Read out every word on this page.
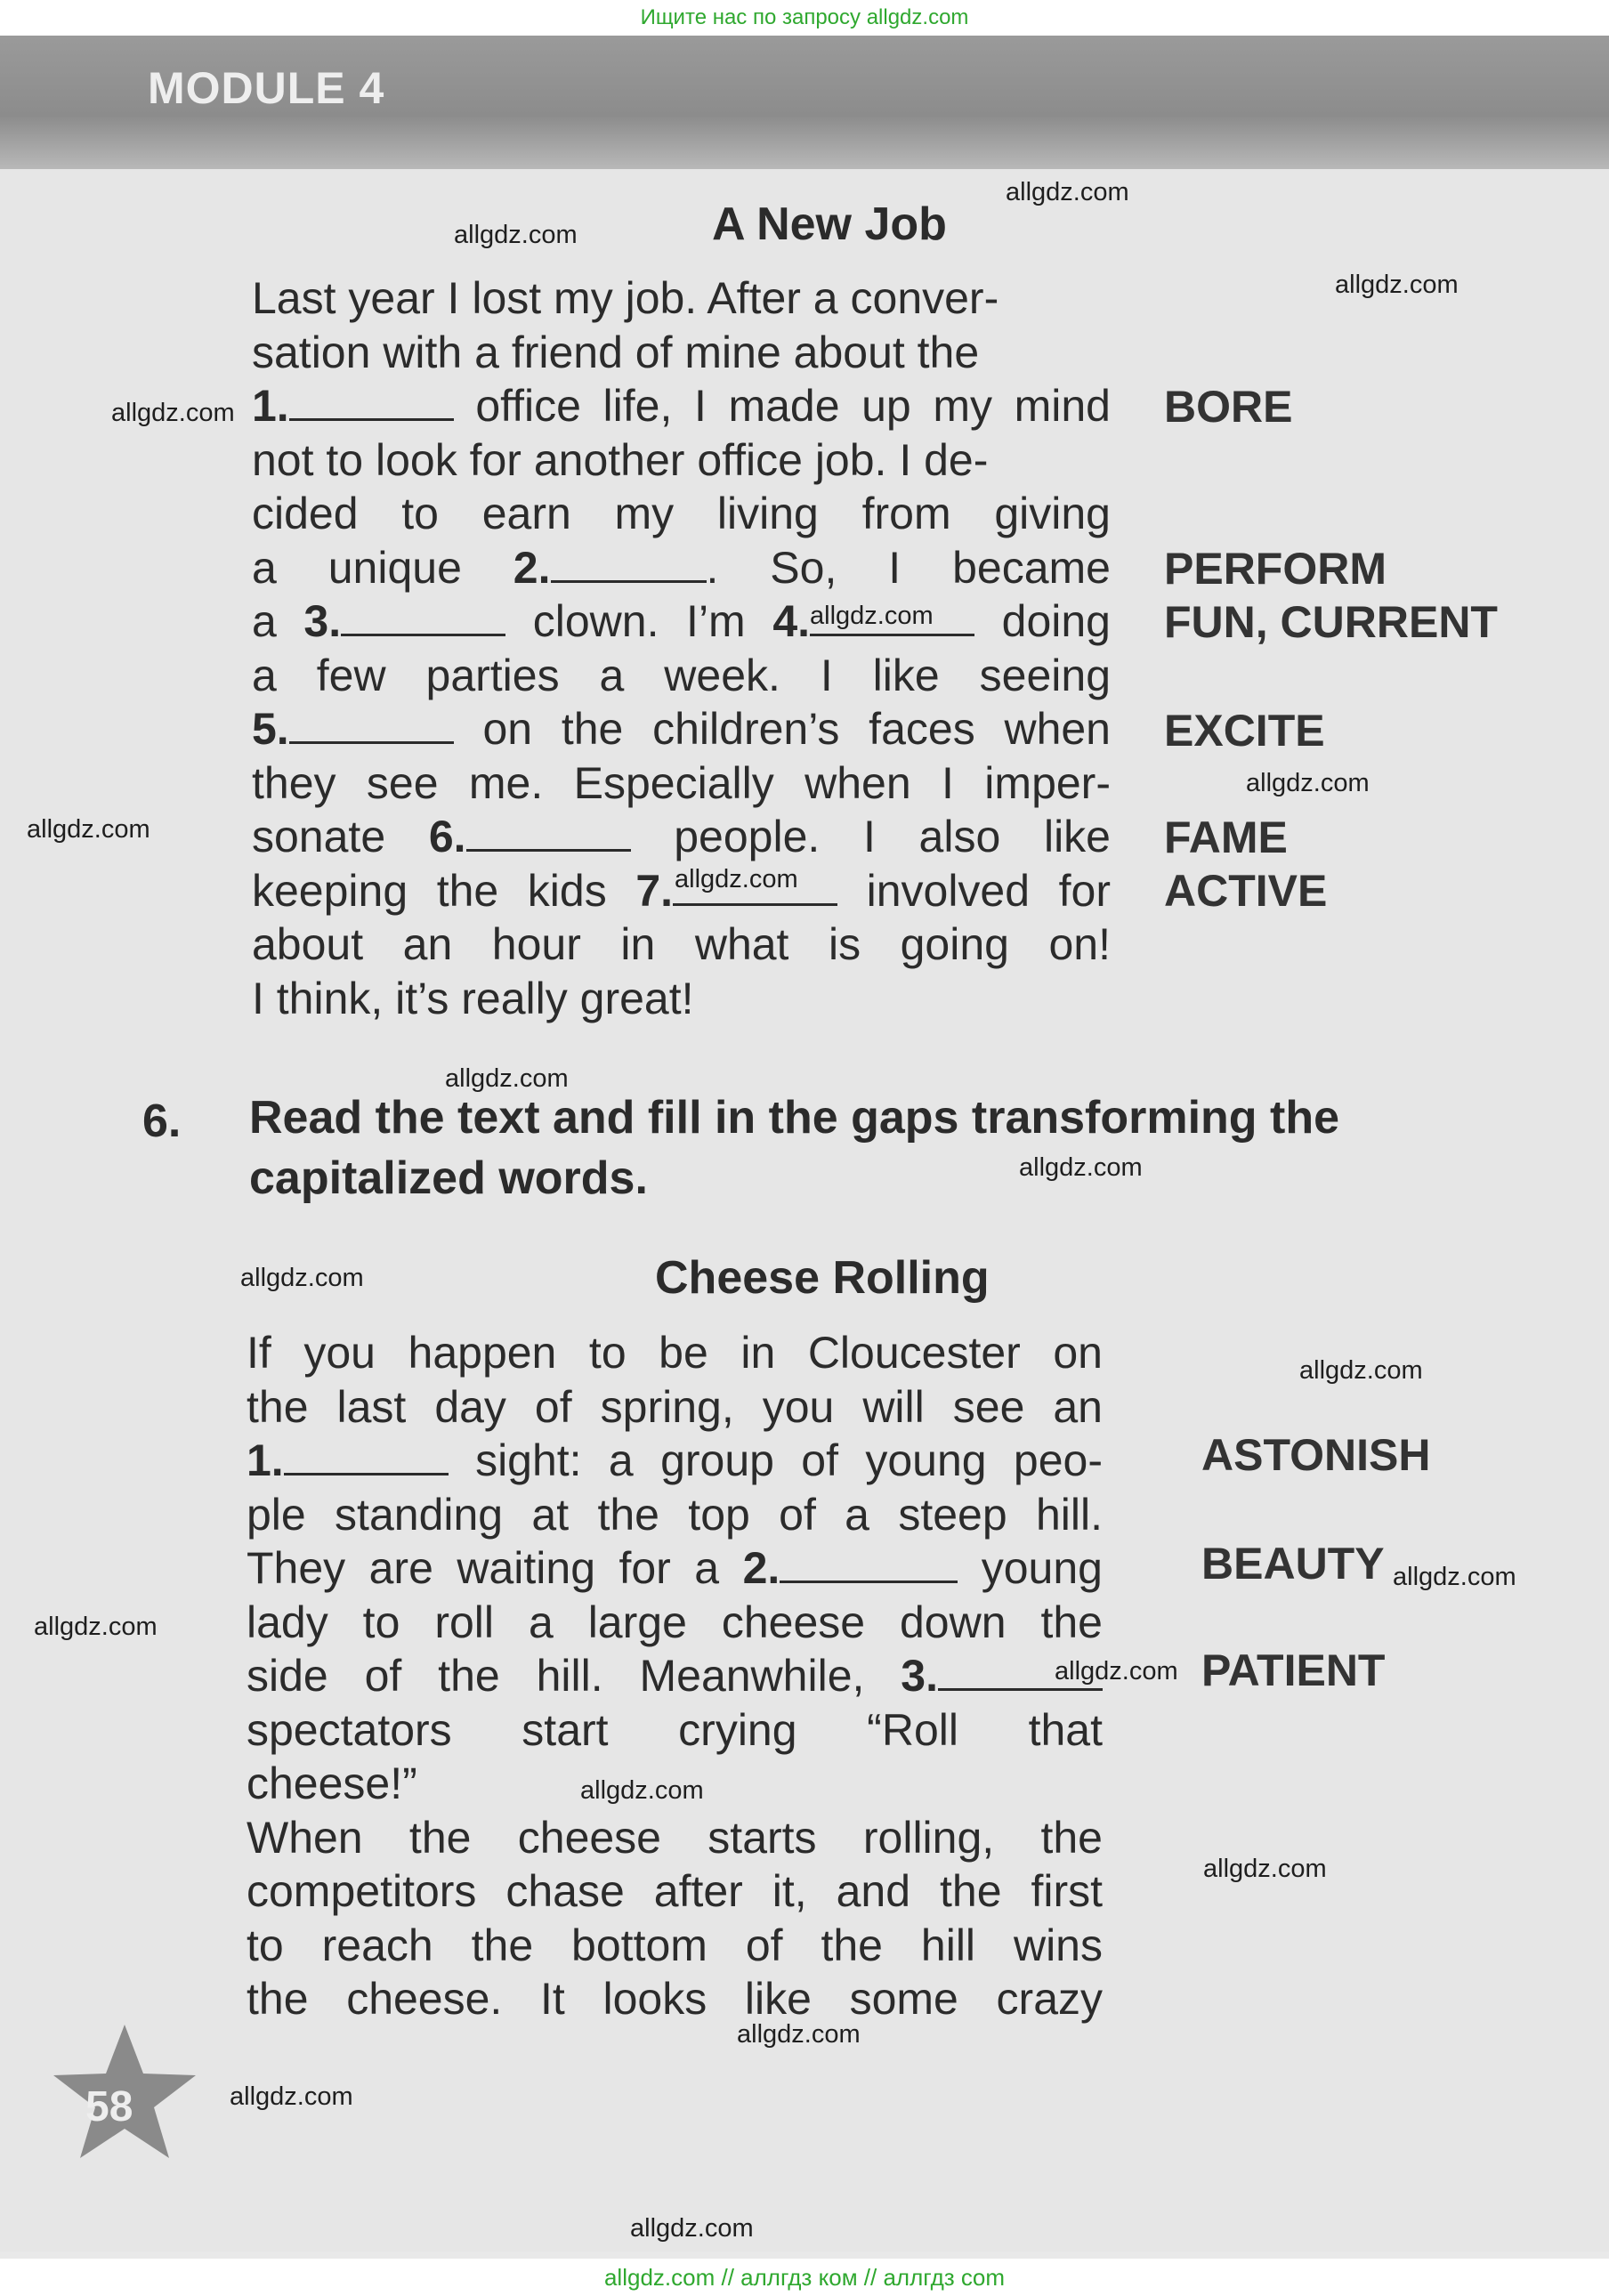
Ищите нас по запросу allgdz.com
MODULE 4
A New Job

Last year I lost my job. After a conver-

sation with a friend of mine about the

1.	office life, I made up my mind

not to look for another office job. I de-

cided to earn my living from giving

a unique 2.	. So, I became

a 3.	clown. I’m 4.	doing

a few parties a week. I like seeing

5.	on the children’s faces when

they see me. Especially when I imper-

sonate 6.	people. I also like

keeping the kids 7.	involved for

about an hour in what is going on!

I think, it’s really great!

BORE
PERFORM
FUN, CURRENT
EXCITE
FAME
ACTIVE
6. Read the text and fill in the gaps transforming the
capitalized words.
Cheese Rolling

If you happen to be in Cloucester on

the last day of spring, you will see an

1.	sight: a group of young peo-

ple standing at the top of a steep hill.

They are waiting for a 2.	young

lady to roll a large cheese down the

side of the hill. Meanwhile, 3.

spectators start crying “Roll that

cheese!”

When the cheese starts rolling, the

competitors chase after it, and the first

to reach the bottom of the hill wins

the cheese. It looks like some crazy

ASTONISH
BEAUTY
PATIENT
58
allgdz.com
allgdz.com
allgdz.com
allgdz.com
allgdz.com
allgdz.com
allgdz.com
allgdz.com
allgdz.com
allgdz.com
allgdz.com
allgdz.com
allgdz.com
allgdz.com
allgdz.com
allgdz.com
allgdz.com
allgdz.com
allgdz.com
allgdz.com
allgdz.com // аллгдз ком // аллгдз com
